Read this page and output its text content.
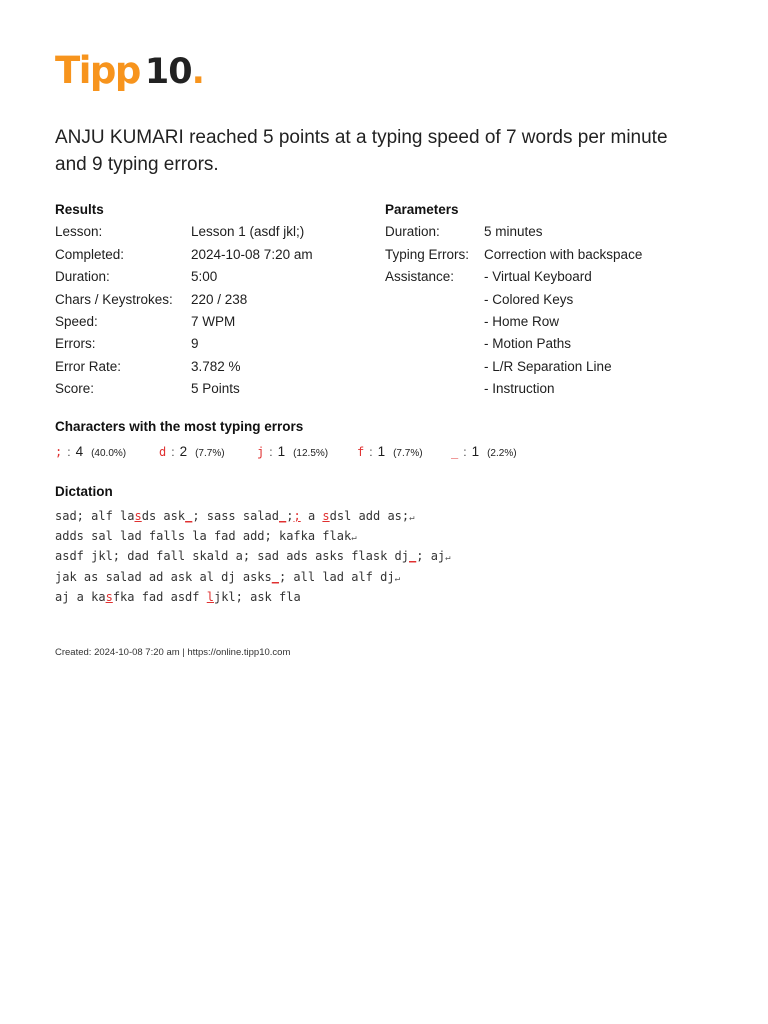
Tipp 10.
ANJU KUMARI reached 5 points at a typing speed of 7 words per minute and 9 typing errors.
Results
Lesson:	Lesson 1 (asdf jkl;)
Completed:	2024-10-08 7:20 am
Duration:	5:00
Chars / Keystrokes: 220 / 238
Speed:	7 WPM
Errors:	9
Error Rate:	3.782 %
Score:	5 Points
Parameters
Duration:	5 minutes
Typing Errors: Correction with backspace
Assistance: - Virtual Keyboard
- Colored Keys
- Home Row
- Motion Paths
- L/R Separation Line
- Instruction
Characters with the most typing errors
; : 4 (40.0%)	d : 2 (7.7%)	j : 1 (12.5%) f : 1 (7.7%) _ : 1 (2.2%)
Dictation
sad; alf lasds ask_; sass salad_;; a sdsl add as;↵
adds sal lad falls la fad add; kafka flak↵
asdf jkl; dad fall skald a; sad ads asks flask dj_; aj↵
jak as salad ad ask al dj asks_; all lad alf dj↵
aj a kasfka fad asdf ljkl; ask fla
Created: 2024-10-08 7:20 am | https://online.tipp10.com
